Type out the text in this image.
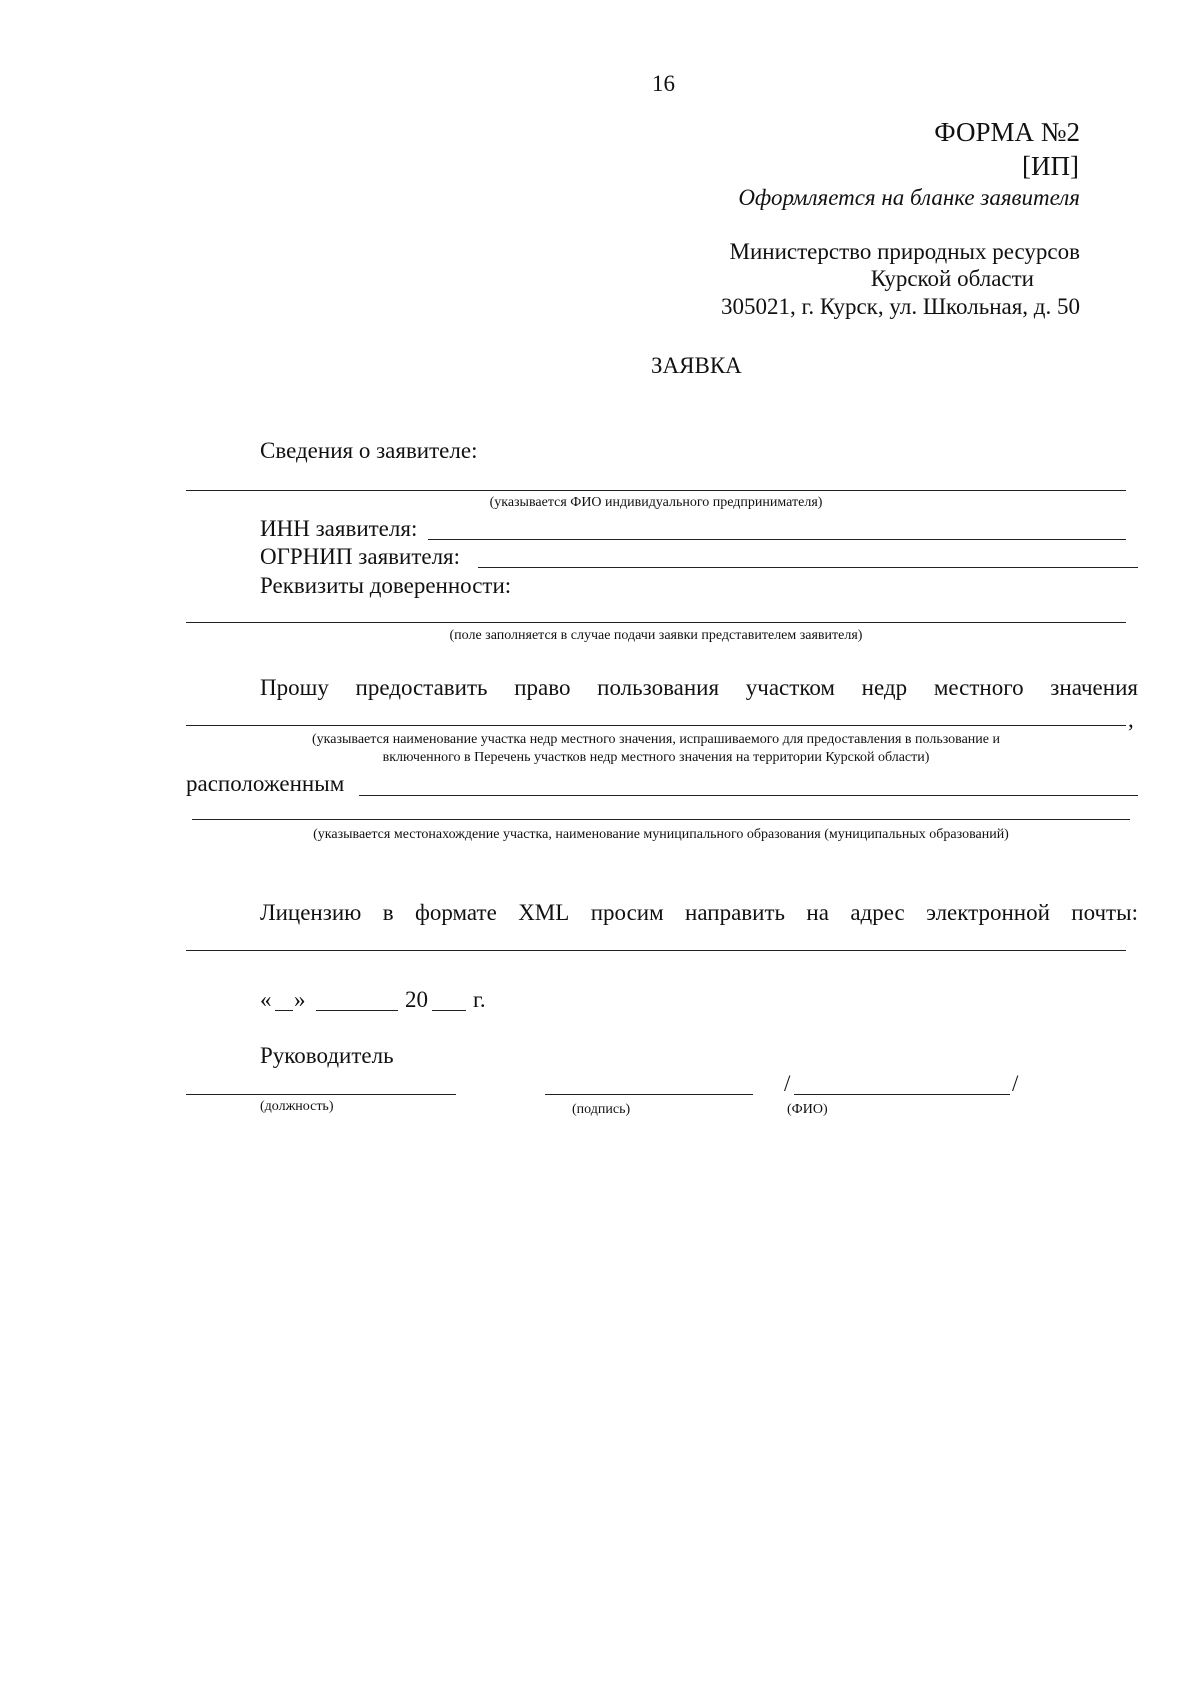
16
ФОРМА №2
[ИП]
Оформляется на бланке заявителя
Министерство природных ресурсов
Курской области
305021, г. Курск, ул. Школьная, д. 50
ЗАЯВКА
Сведения о заявителе:
(указывается ФИО индивидуального предпринимателя)
ИНН заявителя:
ОГРНИП заявителя:
Реквизиты доверенности:
(поле заполняется в случае подачи заявки представителем заявителя)
Прошу предоставить право пользования участком недр местного значения
,
(указывается наименование участка недр местного значения, испрашиваемого для предоставления в пользование и
включенного в Перечень участков недр местного значения на территории Курской области)
расположенным
(указывается местонахождение участка, наименование муниципального образования (муниципальных образований)
Лицензию в формате XML просим направить на адрес электронной почты:
« »	20 г.
Руководитель
/	/
(должность)	(подпись)	(ФИО)
